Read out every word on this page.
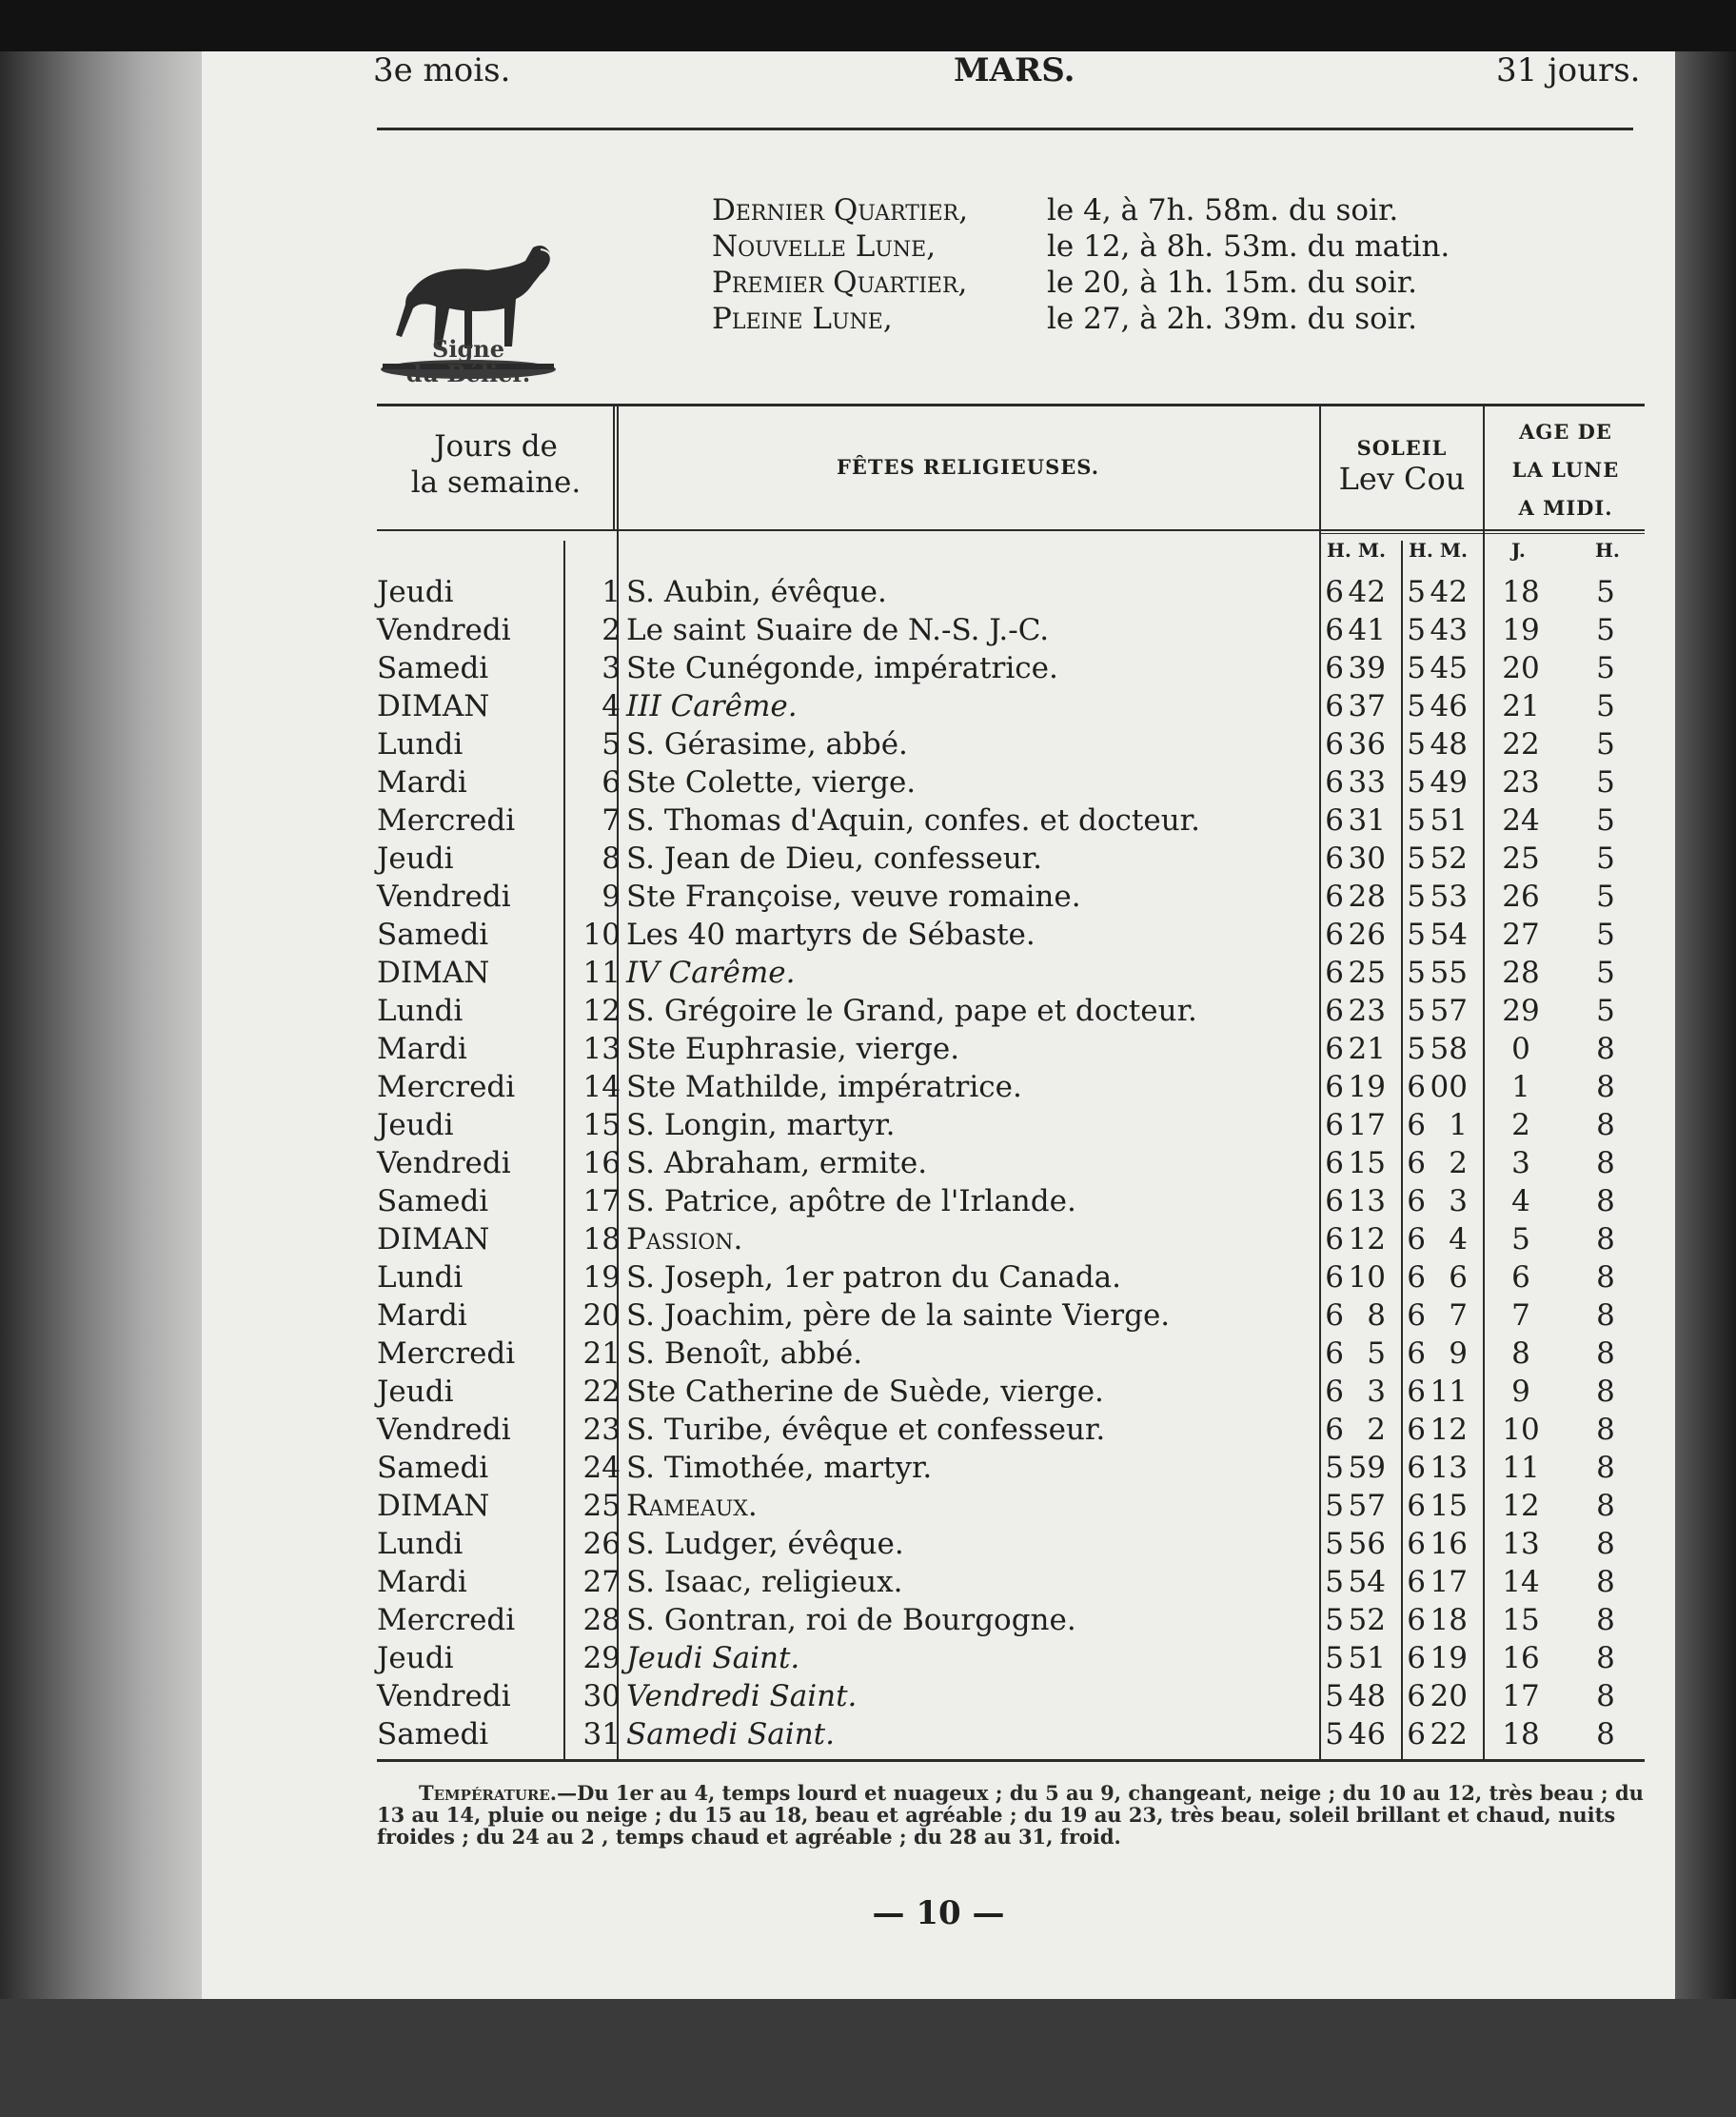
3e mois.	MARS.	31 jours.
Signe
du Bélier.
Dernier Quartier,	le 4, à 7h. 58m. du soir.
Nouvelle Lune,	le 12, à 8h. 53m. du matin.
Premier Quartier,	le 20, à 1h. 15m. du soir.
Pleine Lune,	le 27, à 2h. 39m. du soir.
Jours de
la semaine.	FÊTES RELIGIEUSES.
SOLEIL
Lev Cou
AGE DE
LA LUNE
A MIDI.
H. M. H. M. J.	H.
Jeudi	1 S. Aubin, évêque.	6 42 5 42	18	5
Vendredi	2 Le saint Suaire de N.-S. J.-C.	6 41 5 43	19	5
Samedi	3 Ste Cunégonde, impératrice.	6 39 5 45	20	5
DIMAN	4 III Carême.	6 37 5 46	21	5
Lundi	5 S. Gérasime, abbé.	6 36 5 48	22	5
Mardi	6 Ste Colette, vierge.	6 33 5 49	23	5
Mercredi	7 S. Thomas d'Aquin, confes. et docteur.	6 31 5 51	24	5
Jeudi	8 S. Jean de Dieu, confesseur.	6 30 5 52	25	5
Vendredi	9 Ste Françoise, veuve romaine.	6 28 5 53	26	5
Samedi	10 Les 40 martyrs de Sébaste.	6 26 5 54	27	5
DIMAN	11 IV Carême.	6 25 5 55	28	5
Lundi	12 S. Grégoire le Grand, pape et docteur.	6 23 5 57	29	5
Mardi	13 Ste Euphrasie, vierge.	6 21 5 58	0	8
Mercredi	14 Ste Mathilde, impératrice.	6 19 6 00	1	8
Jeudi	15 S. Longin, martyr.	6 17 6 1	2	8
Vendredi	16 S. Abraham, ermite.	6 15 6 2	3	8
Samedi	17 S. Patrice, apôtre de l'Irlande.	6 13 6 3	4	8
DIMAN	18 Passion.	6 12 6 4	5	8
Lundi	19 S. Joseph, 1er patron du Canada.	6 10 6 6	6	8
Mardi	20 S. Joachim, père de la sainte Vierge.	6 8 6 7	7	8
Mercredi	21 S. Benoît, abbé.	6 5 6 9	8	8
Jeudi	22 Ste Catherine de Suède, vierge.	6 3 6 11	9	8
Vendredi	23 S. Turibe, évêque et confesseur.	6 2 6 12	10	8
Samedi	24 S. Timothée, martyr.	5 59 6 13	11	8
DIMAN	25 Rameaux.	5 57 6 15	12	8
Lundi	26 S. Ludger, évêque.	5 56 6 16	13	8
Mardi	27 S. Isaac, religieux.	5 54 6 17	14	8
Mercredi	28 S. Gontran, roi de Bourgogne.	5 52 6 18	15	8
Jeudi	29 Jeudi Saint.	5 51 6 19	16	8
Vendredi	30 Vendredi Saint.	5 48 6 20	17	8
Samedi	31 Samedi Saint.	5 46 6 22	18	8
Température.—Du 1er au 4, temps lourd et nuageux ; du 5 au 9, changeant, neige ; du 10 au 12, très beau ; du 13 au 14, pluie ou neige ; du 15 au 18, beau et agréable ; du 19 au 23, très beau, soleil brillant et chaud, nuits froides ; du 24 au 2 , temps chaud et agréable ; du 28 au 31, froid.
— 10 —
